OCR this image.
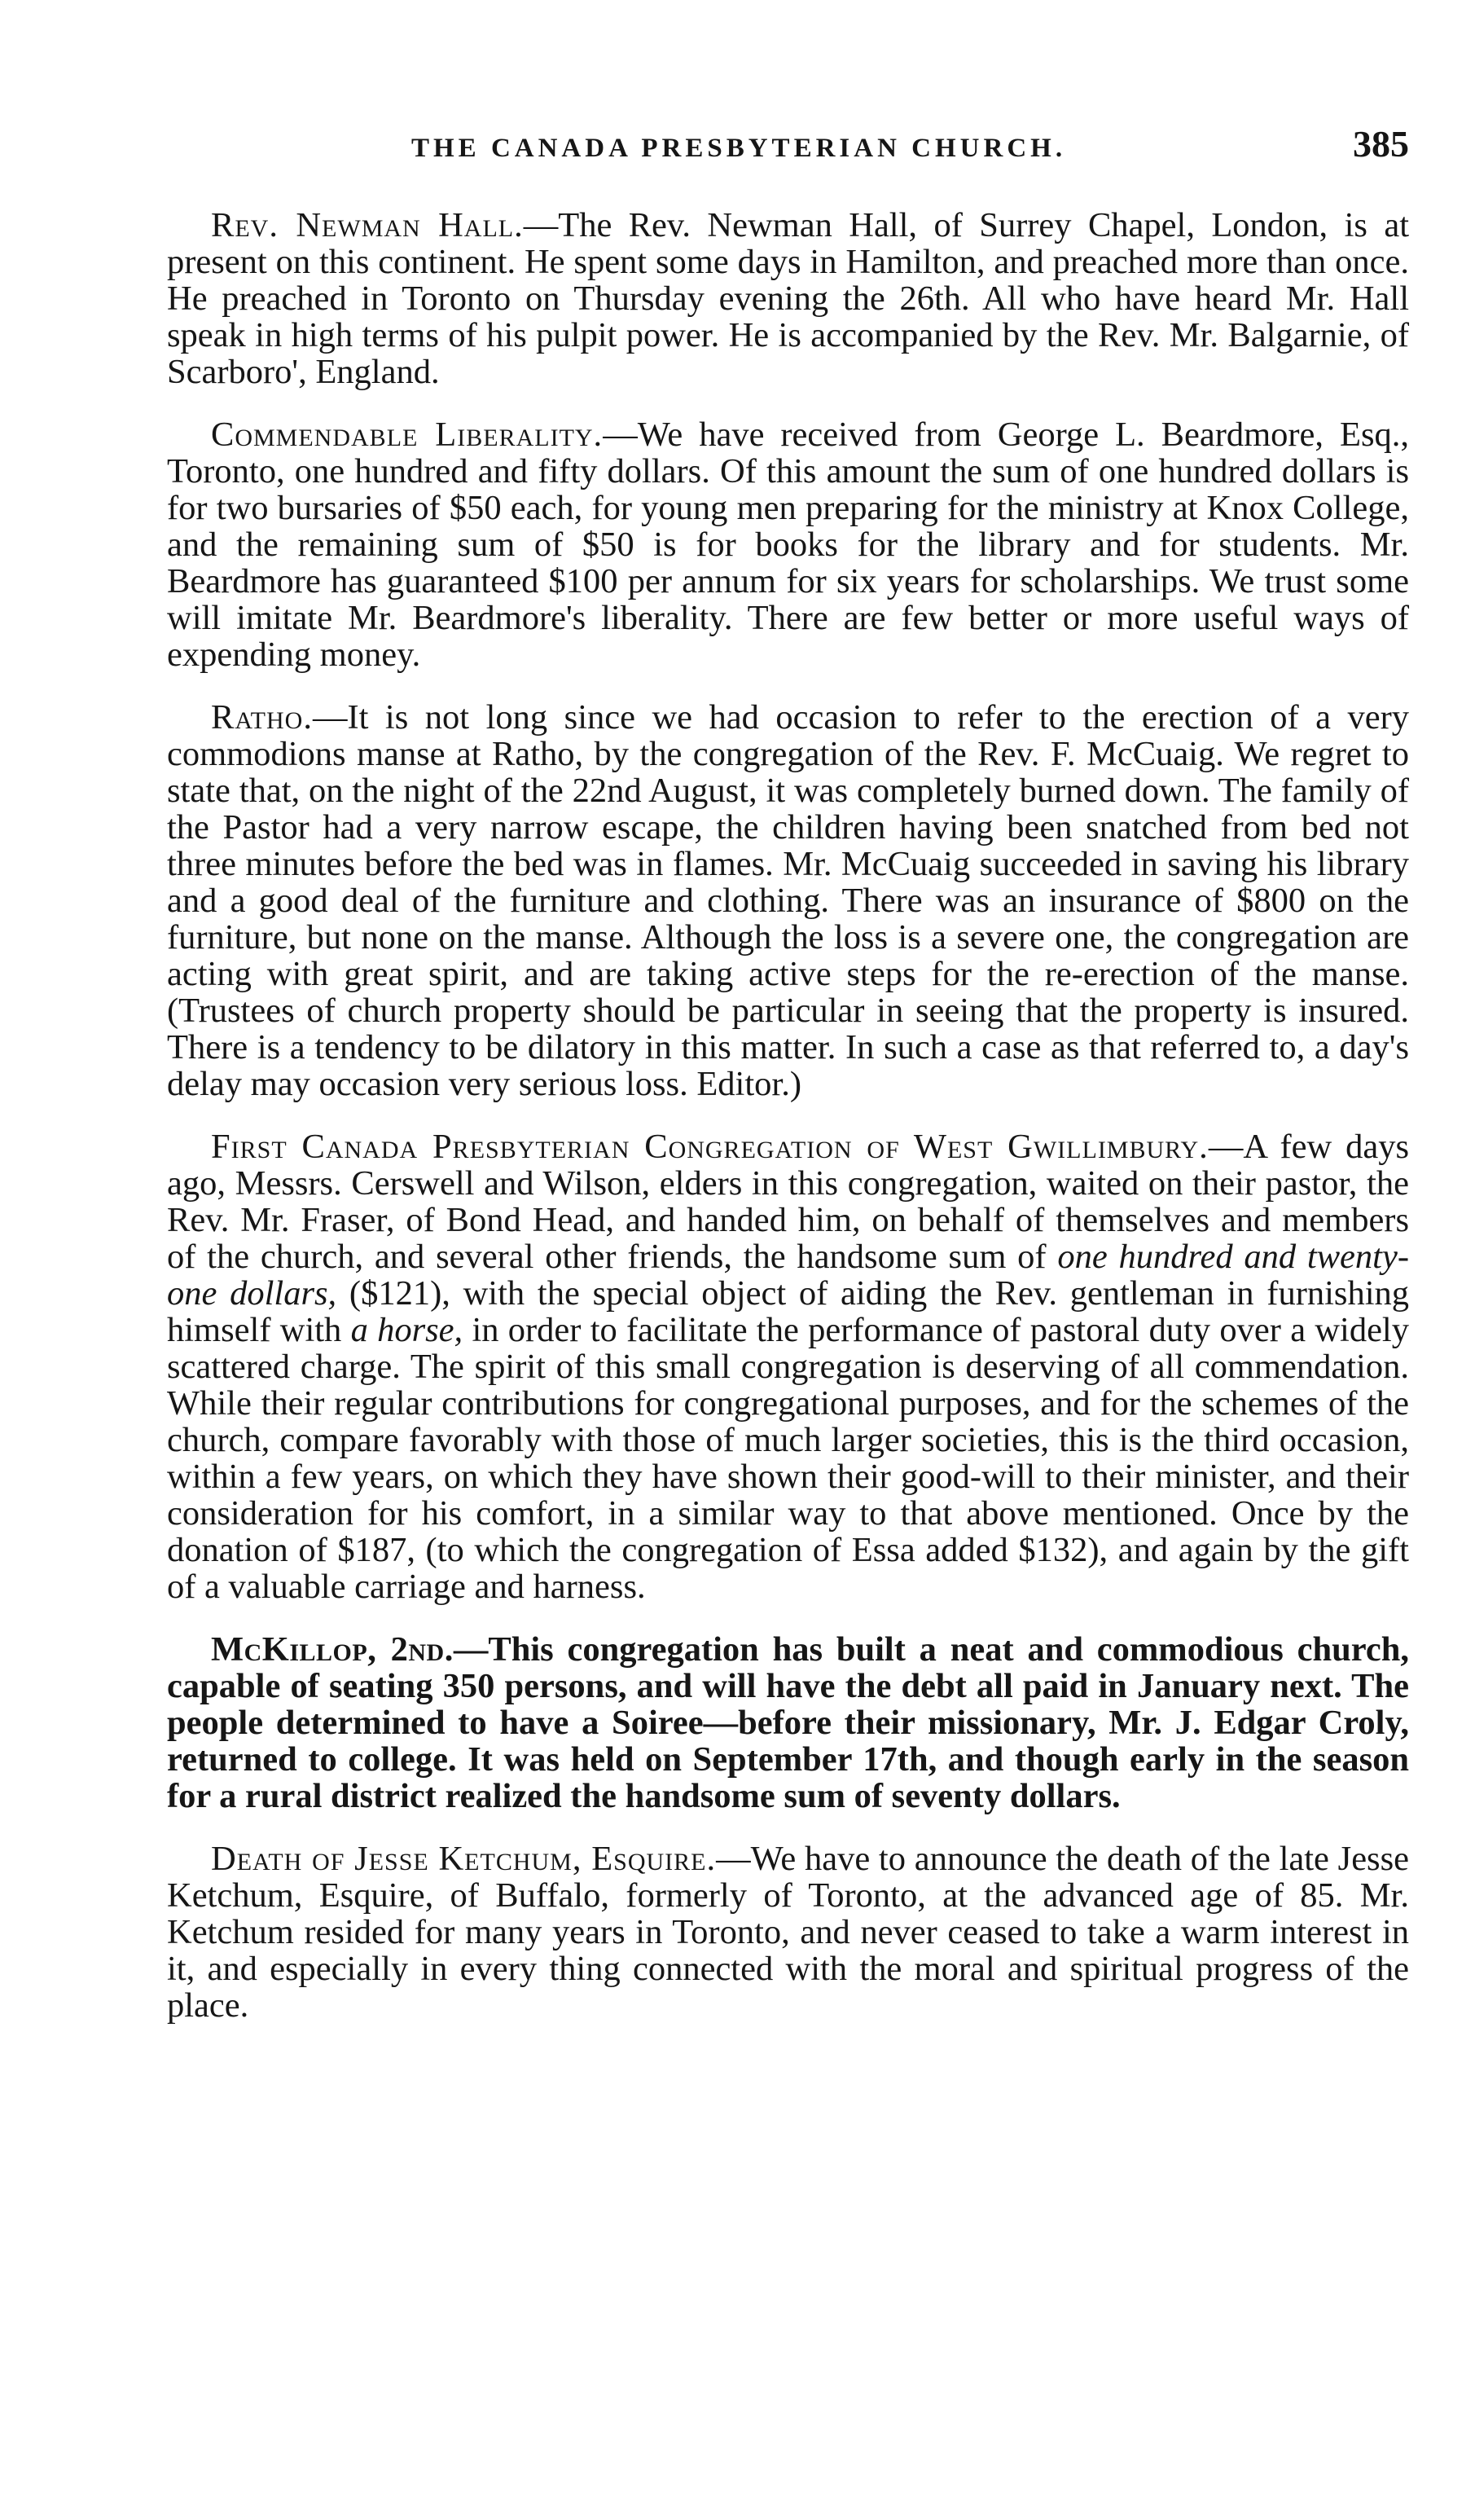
THE CANADA PRESBYTERIAN CHURCH.	385

Rev. Newman Hall.—The Rev. Newman Hall, of Surrey Chapel, London, is at present on this continent. He spent some days in Hamilton, and preached more than once. He preached in Toronto on Thursday evening the 26th. All who have heard Mr. Hall speak in high terms of his pulpit power. He is accompanied by the Rev. Mr. Balgarnie, of Scarboro', England.

Commendable Liberality.—We have received from George L. Beardmore, Esq., Toronto, one hundred and fifty dollars. Of this amount the sum of one hundred dollars is for two bursaries of $50 each, for young men preparing for the ministry at Knox College, and the remaining sum of $50 is for books for the library and for students. Mr. Beardmore has guaranteed $100 per annum for six years for scholarships. We trust some will imitate Mr. Beardmore's liberality. There are few better or more useful ways of expending money.

Ratho.—It is not long since we had occasion to refer to the erection of a very commodions manse at Ratho, by the congregation of the Rev. F. McCuaig. We regret to state that, on the night of the 22nd August, it was completely burned down. The family of the Pastor had a very narrow escape, the children having been snatched from bed not three minutes before the bed was in flames. Mr. McCuaig succeeded in saving his library and a good deal of the furniture and clothing. There was an insurance of $800 on the furniture, but none on the manse. Although the loss is a severe one, the congregation are acting with great spirit, and are taking active steps for the re-erection of the manse. (Trustees of church property should be particular in seeing that the property is insured. There is a tendency to be dilatory in this matter. In such a case as that referred to, a day's delay may occasion very serious loss. Editor.)

First Canada Presbyterian Congregation of West Gwillimbury.—A few days ago, Messrs. Cerswell and Wilson, elders in this congregation, waited on their pastor, the Rev. Mr. Fraser, of Bond Head, and handed him, on behalf of themselves and members of the church, and several other friends, the handsome sum of one hundred and twenty-one dollars, ($121), with the special object of aiding the Rev. gentleman in furnishing himself with a horse, in order to facilitate the performance of pastoral duty over a widely scattered charge. The spirit of this small congregation is deserving of all commendation. While their regular contributions for congregational purposes, and for the schemes of the church, compare favorably with those of much larger societies, this is the third occasion, within a few years, on which they have shown their good-will to their minister, and their consideration for his comfort, in a similar way to that above mentioned. Once by the donation of $187, (to which the congregation of Essa added $132), and again by the gift of a valuable carriage and harness.

McKillop, 2nd.—This congregation has built a neat and commodious church, capable of seating 350 persons, and will have the debt all paid in January next. The people determined to have a Soiree—before their missionary, Mr. J. Edgar Croly, returned to college. It was held on September 17th, and though early in the season for a rural district realized the handsome sum of seventy dollars.

Death of Jesse Ketchum, Esquire.—We have to announce the death of the late Jesse Ketchum, Esquire, of Buffalo, formerly of Toronto, at the advanced age of 85. Mr. Ketchum resided for many years in Toronto, and never ceased to take a warm interest in it, and especially in every thing connected with the moral and spiritual progress of the place.
